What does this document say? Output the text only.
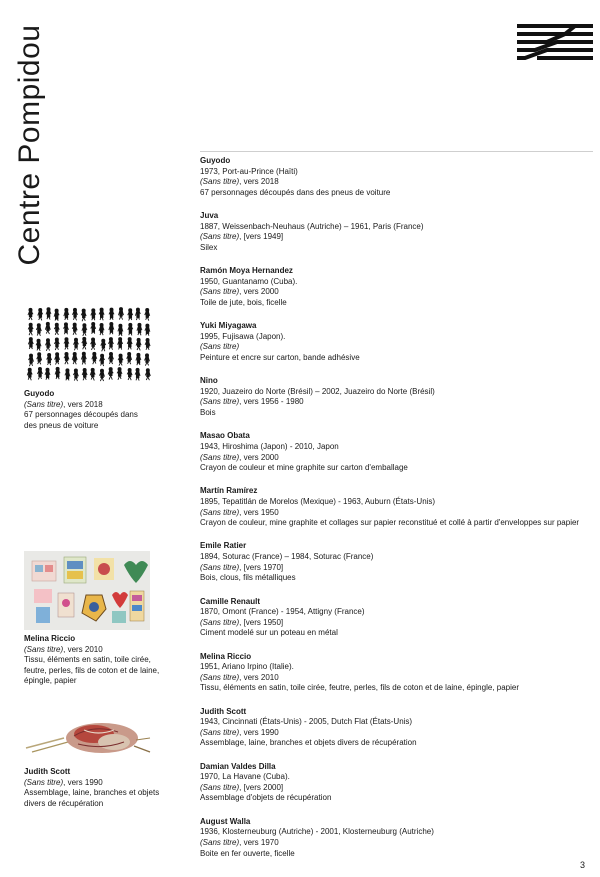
Centre Pompidou	Guyodo
1973, Port-au-Prince (Haïti)
(Sans titre), vers 2018
67 personnages découpés dans des pneus de voiture
Juva
1887, Weissenbach-Neuhaus (Autriche) – 1961, Paris (France)
(Sans titre), [vers 1949]
Silex
Ramón Moya Hernandez
1950, Guantanamo (Cuba).
(Sans titre), vers 2000
Toile de jute, bois, ficelle
Yuki Miyagawa
1995, Fujisawa (Japon).
(Sans titre)
Peinture et encre sur carton, bande adhésive
Nino
1920, Juazeiro do Norte (Brésil) – 2002, Juazeiro do Norte (Brésil)
(Sans titre), vers 1956 - 1980
Bois
Masao Obata
1943, Hiroshima (Japon) - 2010, Japon
(Sans titre), vers 2000
Crayon de couleur et mine graphite sur carton d'emballage
Martín Ramírez
1895, Tepatitlán de Morelos (Mexique) - 1963, Auburn (États-Unis)
(Sans titre), vers 1950
Crayon de couleur, mine graphite et collages sur papier reconstitué et collé à partir d'enveloppes sur papier
Emile Ratier
1894, Soturac (France) – 1984, Soturac (France)
(Sans titre), [vers 1970]
Bois, clous, fils métalliques
Camille Renault
1870, Omont (France) - 1954, Attigny (France)
(Sans titre), [vers 1950]
Ciment modelé sur un poteau en métal
Melina Riccio
1951, Ariano Irpino (Italie).
(Sans titre), vers 2010
Tissu, éléments en satin, toile cirée, feutre, perles, fils de coton et de laine, épingle, papier
Judith Scott
1943, Cincinnati (États-Unis) - 2005, Dutch Flat (États-Unis)
(Sans titre), vers 1990
Assemblage, laine, branches et objets divers de récupération
Damian Valdes Dilla
1970, La Havane (Cuba).
(Sans titre), [vers 2000]
Assemblage d'objets de récupération
August Walla
1936, Klosterneuburg (Autriche) - 2001, Klosterneuburg (Autriche)
(Sans titre), vers 1970
Boite en fer ouverte, ficelle
Guyodo
(Sans titre), vers 2018
67 personnages découpés dans
des pneus de voiture
Melina Riccio
(Sans titre), vers 2010
Tissu, éléments en satin, toile cirée,
feutre, perles, fils de coton et de laine,
épingle, papier
Judith Scott
(Sans titre), vers 1990
Assemblage, laine, branches et objets
divers de récupération
3
